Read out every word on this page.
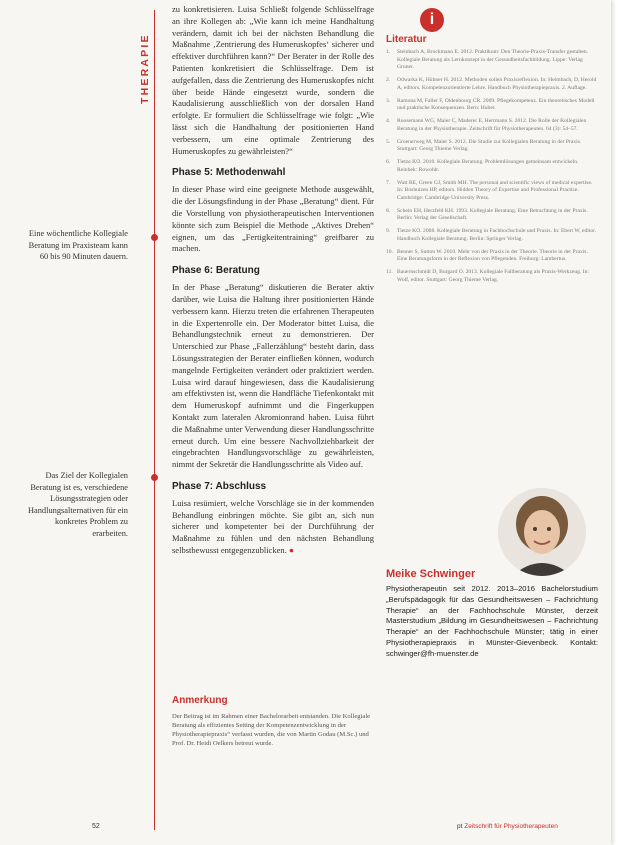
Eine wöchentliche Kollegiale Beratung im Praxisteam kann 60 bis 90 Minuten dauern.
Das Ziel der Kollegialen Beratung ist es, verschiedene Lösungsstrategien oder Handlungsalternativen für ein konkretes Problem zu erarbeiten.
THERAPIE

zu konkretisieren. Luisa Schließt folgende Schlüsselfrage an ihre Kollegen ab: „Wie kann ich meine Handhaltung verändern, damit ich bei der nächsten Behandlung die Maßnahme ‚Zentrierung des Humeruskopfes‘ sicherer und effektiver durchführen kann?“ Der Berater in der Rolle des Patienten konkretisiert die Schlüsselfrage. Dem ist aufgefallen, dass die Zentrierung des Humeruskopfes nicht über beide Hände eingesetzt wurde, sondern die Kaudalisierung ausschließlich von der dorsalen Hand erfolgte. Er formuliert die Schlüsselfrage wie folgt: „Wie lässt sich die Handhaltung der positionierten Hand verbessern, um eine optimale Zentrierung des Humeruskopfes zu gewährleisten?“

Phase 5: Methodenwahl

In dieser Phase wird eine geeignete Methode ausgewählt, die der Lösungsfindung in der Phase „Beratung“ dient. Für die Vorstellung von physiotherapeutischen Interventionen könnte sich zum Beispiel die Methode „Aktives Drehen“ eignen, um das „Fertigkeitentraining“ greifbarer zu machen.

Phase 6: Beratung

In der Phase „Beratung“ diskutieren die Berater aktiv darüber, wie Luisa die Haltung ihrer positionierten Hände verbessern kann. Hierzu treten die erfahrenen Therapeuten in die Expertenrolle ein. Der Moderator bittet Luisa, die Behandlungstechnik erneut zu demonstrieren. Der Unterschied zur Phase „Fallerzählung“ besteht darin, dass Lösungsstrategien der Berater einfließen können, wodurch mangelnde Fertigkeiten verändert oder praktiziert werden. Luisa wird darauf hingewiesen, dass die Kaudalisierung am effektivsten ist, wenn die Handfläche Tiefenkontakt mit dem Humeruskopf aufnimmt und die Fingerkuppen Kontakt zum lateralen Akromionrand haben. Luisa führt die Maßnahme unter Verwendung dieser Handlungsschritte erneut durch. Um eine bessere Nachvollziehbarkeit der eingebrachten Handlungsvorschläge zu gewährleisten, nimmt der Sekretär die Handlungsschritte als Video auf.

Phase 7: Abschluss

Luisa resümiert, welche Vorschläge sie in der kommenden Behandlung einbringen möchte. Sie gibt an, sich nun sicherer und kompetenter bei der Durchführung der Maßnahme zu fühlen und den nächsten Behandlung selbstbewusst entgegenzublicken. ●

Anmerkung
Der Beitrag ist im Rahmen einer Bachelorarbeit entstanden. Die Kollegiale Beratung als effizientes Setting der Kompetenzentwicklung in der Physiotherapiepraxis“ verfasst wurden, die von Martin Godau (M.Sc.) und Prof. Dr. Heidi Oelkers betreut wurde.
i
Literatur
1. Steinbach A, Brockmann E. 2012. Praktikum: Den Theorie-Praxis-Transfer gestalten. Kollegiale Beratung als Lernkonzept in der Gesundheitsfachbildung. Lippe: Verlag Gruner.
2. Odwarka K, Hübner H. 2012. Methoden sollen Praxisreflexion. In: Heimbach, D, Herold A, editors. Kompetenzorientierte Lehre. Handbuch Physiotherapiepraxis. 2. Auflage.
3. Ramona M, Faller F, Oldenbourg CR. 2009. Pflegekompetenz. Ein theoretisches Modell und praktische Konsequenzen. Bern: Huber.
4. Roosemann WG, Maier C, Maderer E, Herrmann S. 2012. Die Rolle der Kollegialen Beratung in der Physiotherapie. Zeitschrift für Physiotherapeuten. 64 (3): 54–57.
5. Groenerweg M, Maier S. 2012. Die Studie zur Kollegialen Beratung in der Praxis. Stuttgart: Georg Thieme Verlag.
6. Tietze KO. 2010. Kollegiale Beratung. Problemlösungen gemeinsam entwickeln. Reinbek: Rowohlt.
7. Watt RE, Green GJ, Smith MH. The personal and scientific views of medical expertise. In: Boshuizen HP, editors. Hidden Theory of Expertise and Professional Practice. Cambridge: Cambridge University Press.
8. Schein EH, Herzfeld KH. 1993. Kollegiale Beratung. Eine Betrachtung in der Praxis. Berlin: Verlag der Gesellschaft.
9. Tietze KO. 2008. Kollegiale Beratung in Fachhochschule und Praxis. In: Ebert W, editor. Handbuch Kollegiale Beratung. Berlin: Springer Verlag.
10. Benner S, Sutton W. 2010. Mehr von der Praxis in der Theorie. Theorie in der Praxis. Eine Beratungsform in der Reflexion von Pflegenden. Freiburg: Lambertus.
11. Bauernschmidt D, Burgard O. 2013. Kollegiale Fallberatung als Praxis-Werkzeug. In: Wolf, editor. Stuttgart: Georg Thieme Verlag.
Meike Schwinger
Physiotherapeutin seit 2012. 2013–2016 Bachelorstudium „Berufspädagogik für das Gesundheitswesen – Fachrichtung Therapie“ an der Fachhochschule Münster, derzeit Masterstudium „Bildung im Gesundheitswesen – Fachrichtung Therapie“ an der Fachhochschule Münster; tätig in einer Physiotherapiepraxis in Münster-Gievenbeck. Kontakt: schwinger@fh-muenster.de
52	pt Zeitschrift für Physiotherapeuten
